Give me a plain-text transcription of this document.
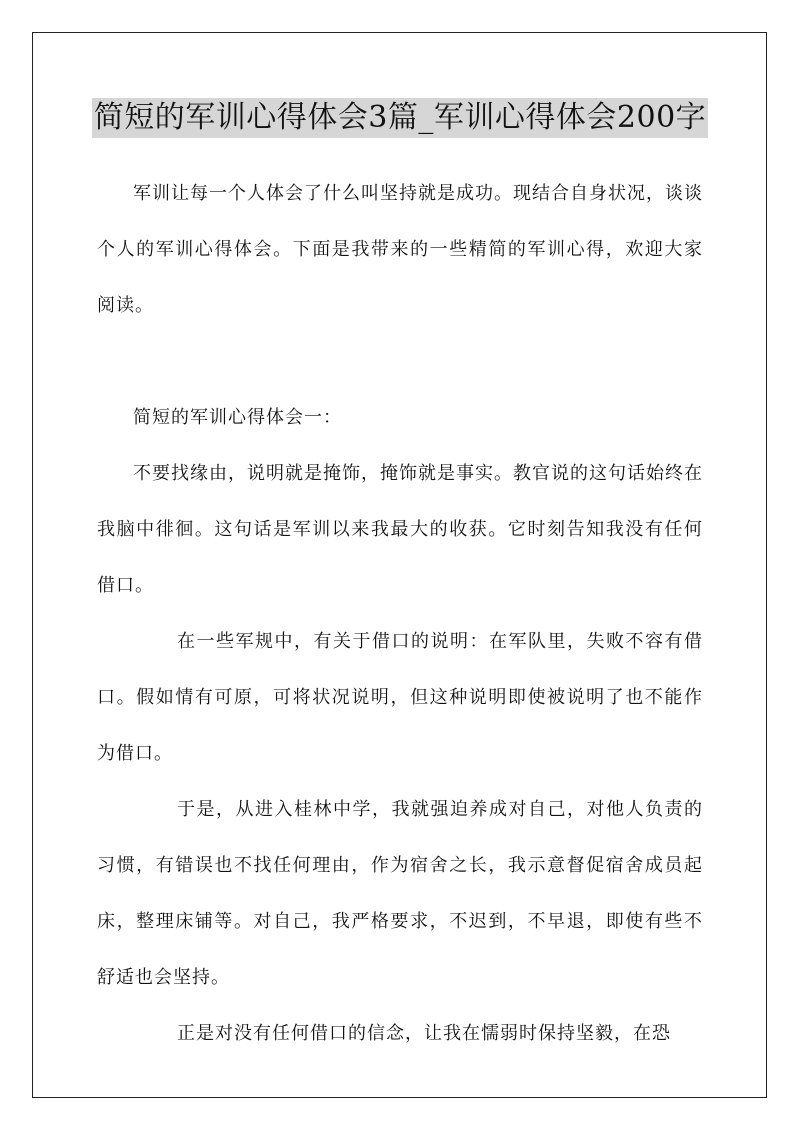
简短的军训心得体会3篇_军训心得体会200字

军训让每一个人体会了什么叫坚持就是成功。现结合自身状况，谈谈个人的军训心得体会。下面是我带来的一些精简的军训心得，欢迎大家阅读。

简短的军训心得体会一：

不要找缘由，说明就是掩饰，掩饰就是事实。教官说的这句话始终在我脑中徘徊。这句话是军训以来我最大的收获。它时刻告知我没有任何借口。

在一些军规中，有关于借口的说明：在军队里，失败不容有借口。假如情有可原，可将状况说明，但这种说明即使被说明了也不能作为借口。

于是，从进入桂林中学，我就强迫养成对自己，对他人负责的习惯，有错误也不找任何理由，作为宿舍之长，我示意督促宿舍成员起床，整理床铺等。对自己，我严格要求，不迟到，不早退，即使有些不舒适也会坚持。

正是对没有任何借口的信念，让我在懦弱时保持坚毅，在恐
